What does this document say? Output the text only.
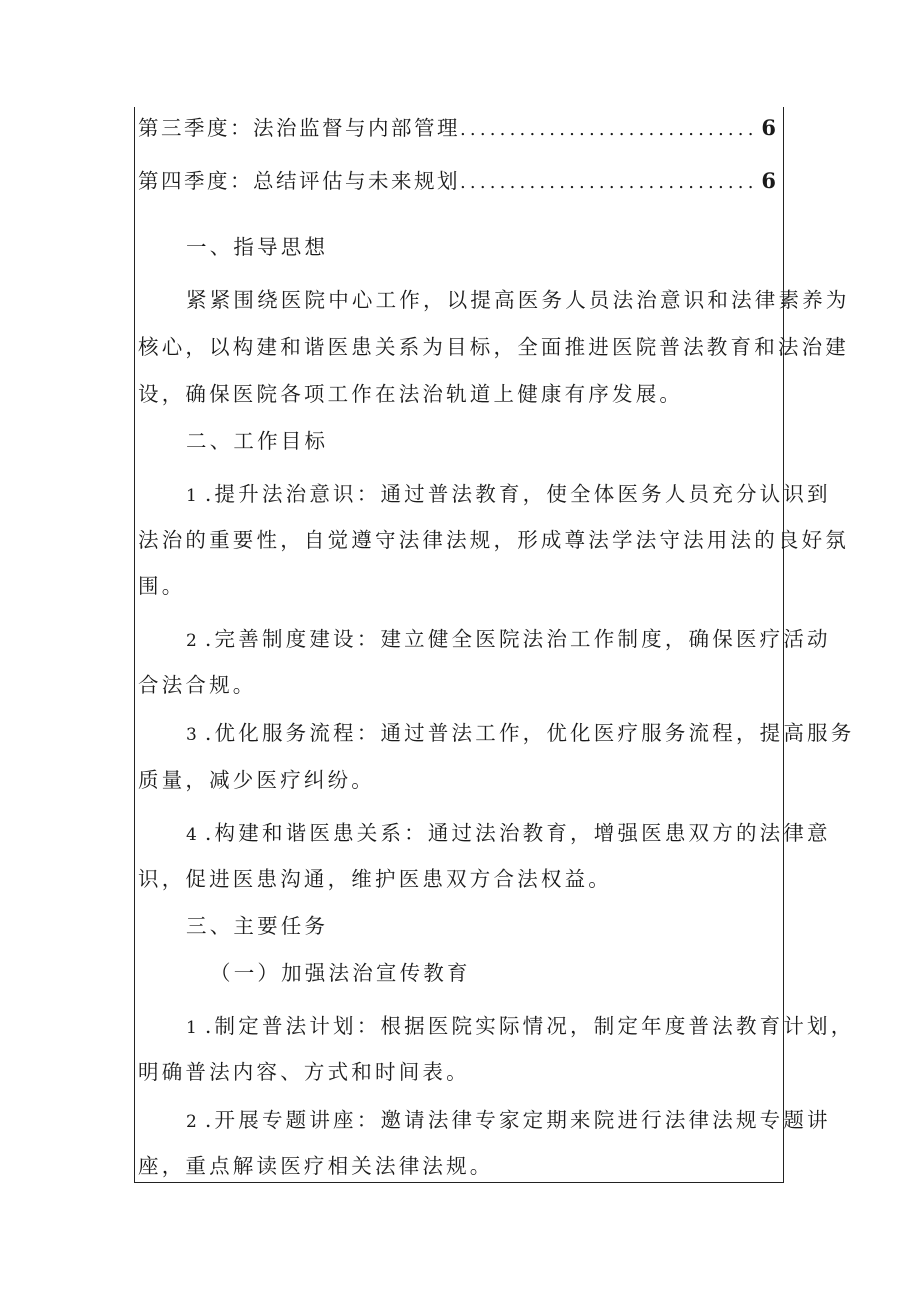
第三季度：法治监督与内部管理 .............................. 6
第四季度：总结评估与未来规划 .............................. 6
一、指导思想
紧紧围绕医院中心工作，以提高医务人员法治意识和法律素养为
核心，以构建和谐医患关系为目标，全面推进医院普法教育和法治建
设，确保医院各项工作在法治轨道上健康有序发展。
二、工作目标
1 .提升法治意识：通过普法教育，使全体医务人员充分认识到
法治的重要性，自觉遵守法律法规，形成尊法学法守法用法的良好氛
围。
2 .完善制度建设：建立健全医院法治工作制度，确保医疗活动
合法合规。
3 .优化服务流程：通过普法工作，优化医疗服务流程，提高服务
质量，减少医疗纠纷。
4 .构建和谐医患关系：通过法治教育，增强医患双方的法律意
识，促进医患沟通，维护医患双方合法权益。
三、主要任务
（一）加强法治宣传教育
1 .制定普法计划：根据医院实际情况，制定年度普法教育计划，
明确普法内容、方式和时间表。
2 .开展专题讲座：邀请法律专家定期来院进行法律法规专题讲
座，重点解读医疗相关法律法规。
